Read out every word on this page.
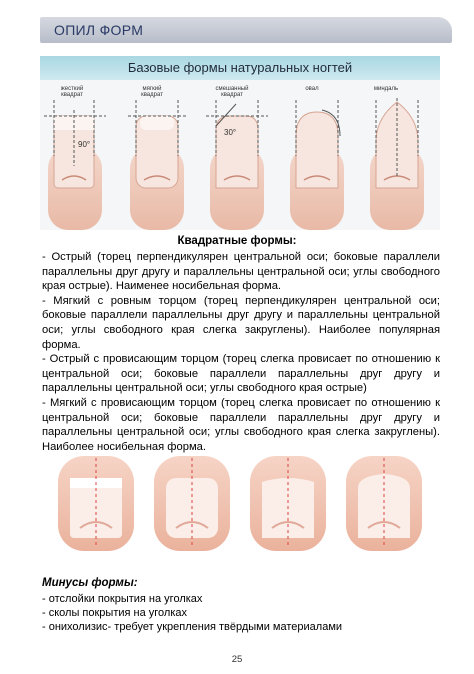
ОПИЛ ФОРМ
Базовые формы натуральных ногтей
жесткий
квадрат
мягкий
квадрат
смешанный
квадрат
овал	миндаль
90°
30°
Квадратные формы:

- Острый (торец перпендикулярен центральной оси; боковые параллели параллельны друг другу и параллельны центральной оси; углы свободного края острые). Наименее носибельная форма.

- Мягкий с ровным торцом (торец перпендикулярен центральной оси; боковые параллели параллельны друг другу и параллельны центральной оси; углы свободного края слегка закруглены). Наиболее популярная форма.

- Острый с провисающим торцом (торец слегка провисает по отношению к центральной оси; боковые параллели параллельны друг другу и параллельны центральной оси; углы свободного края острые)

- Мягкий с провисающим торцом (торец слегка провисает по отношению к центральной оси; боковые параллели параллельны друг другу и параллельны центральной оси; углы свободного края слегка закруглены). Наиболее носибельная форма.

Минусы формы:

- отслойки покрытия на уголках

- сколы покрытия на уголках

- онихолизис- требует укрепления твёрдыми материалами

25
